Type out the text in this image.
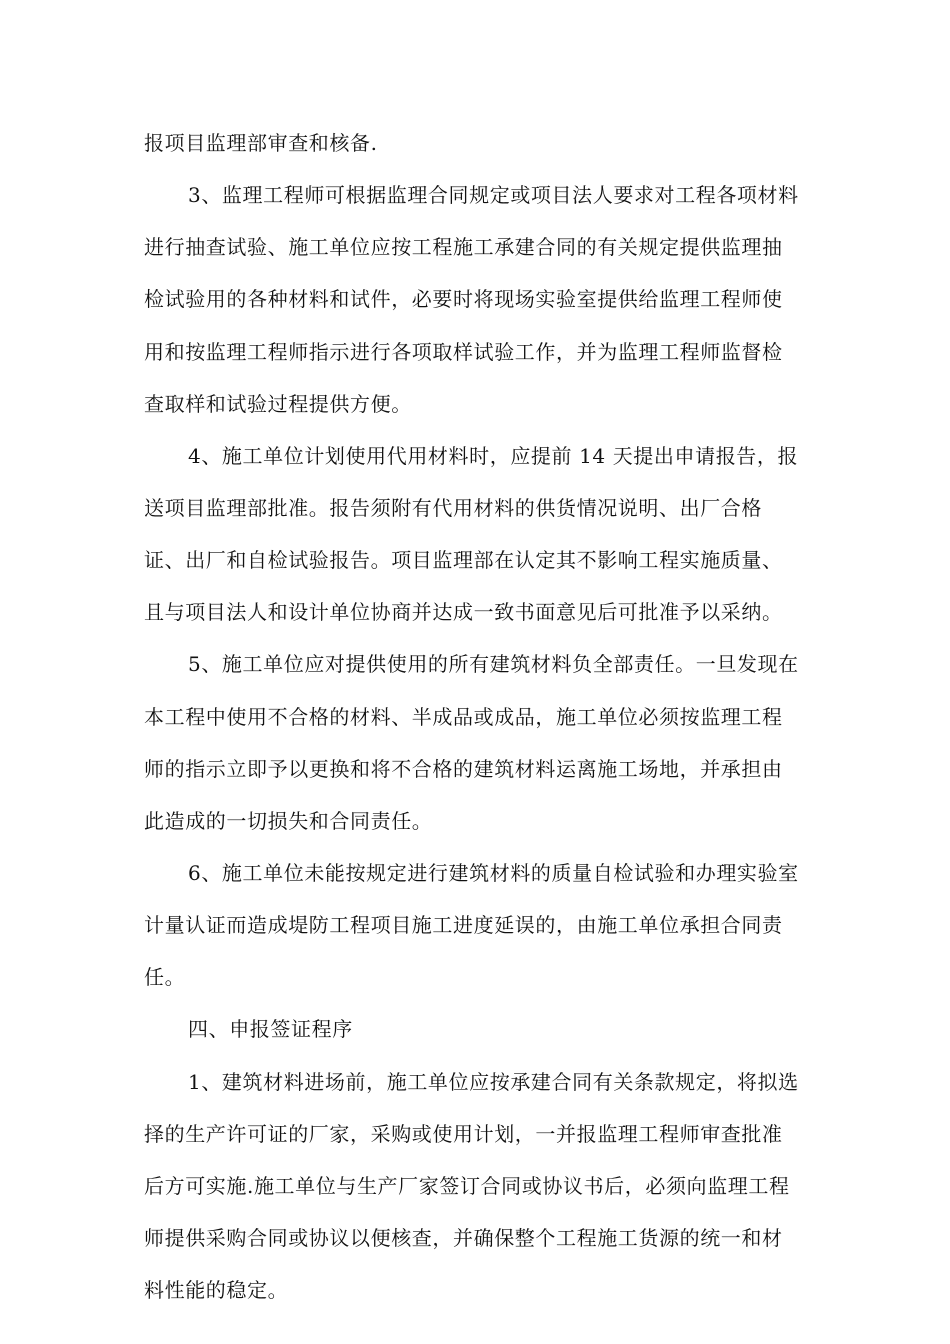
报项目监理部审查和核备.
3、监理工程师可根据监理合同规定或项目法人要求对工程各项材料
进行抽查试验、施工单位应按工程施工承建合同的有关规定提供监理抽
检试验用的各种材料和试件，必要时将现场实验室提供给监理工程师使
用和按监理工程师指示进行各项取样试验工作，并为监理工程师监督检
查取样和试验过程提供方便。
4、施工单位计划使用代用材料时，应提前 14 天提出申请报告，报
送项目监理部批准。报告须附有代用材料的供货情况说明、出厂合格
证、出厂和自检试验报告。项目监理部在认定其不影响工程实施质量、
且与项目法人和设计单位协商并达成一致书面意见后可批准予以采纳。
5、施工单位应对提供使用的所有建筑材料负全部责任。一旦发现在
本工程中使用不合格的材料、半成品或成品，施工单位必须按监理工程
师的指示立即予以更换和将不合格的建筑材料运离施工场地，并承担由
此造成的一切损失和合同责任。
6、施工单位未能按规定进行建筑材料的质量自检试验和办理实验室
计量认证而造成堤防工程项目施工进度延误的，由施工单位承担合同责
任。
四、申报签证程序
1、建筑材料进场前，施工单位应按承建合同有关条款规定，将拟选
择的生产许可证的厂家，采购或使用计划，一并报监理工程师审查批准
后方可实施.施工单位与生产厂家签订合同或协议书后，必须向监理工程
师提供采购合同或协议以便核查，并确保整个工程施工货源的统一和材
料性能的稳定。
